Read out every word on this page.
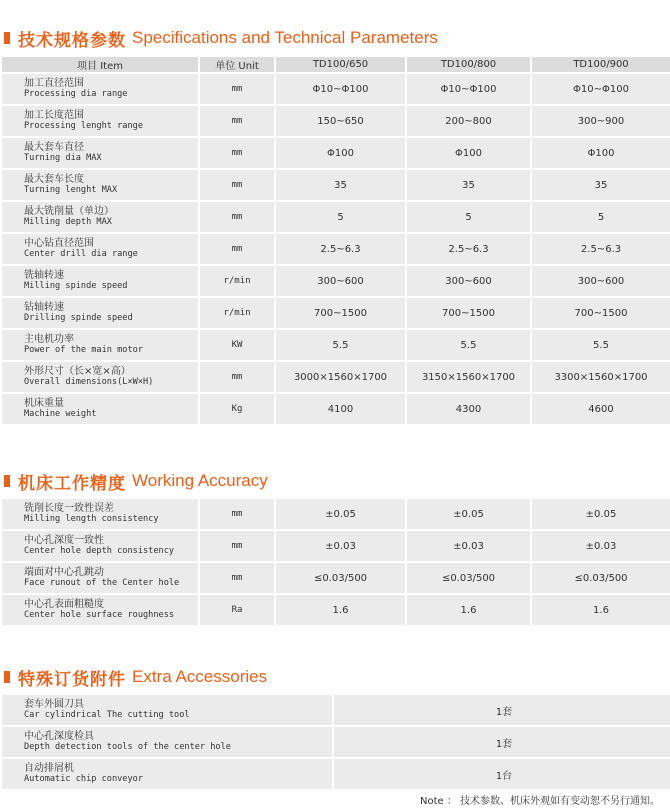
技术规格参数 Specifications and Technical Parameters
项目 Item	单位 Unit	TD100/650	TD100/800	TD100/900

加工直径范围
Processing dia range	mm	Φ10~Φ100	Φ10~Φ100	Φ10~Φ100

加工长度范围
Processing lenght range	mm	150~650	200~800	300~900

最大套车直径
Turning dia MAX	mm	Φ100	Φ100	Φ100

最大套车长度
Turning lenght MAX	mm	35	35	35

最大铣削量（单边）
Milling depth MAX	mm	5	5	5

中心钻直径范围
Center drill dia range	mm	2.5~6.3	2.5~6.3	2.5~6.3

铣轴转速
Milling spinde speed	r/min	300~600	300~600	300~600

钻轴转速
Drilling spinde speed	r/min	700~1500	700~1500	700~1500

主电机功率
Power of the main motor	KW	5.5	5.5	5.5

外形尺寸（长×宽×高）
Overall dimensions(L×W×H)	mm	3000×1560×1700	3150×1560×1700	3300×1560×1700

机床重量
Machine weight	Kg	4100	4300	4600
机床工作精度 Working Accuracy
铣削长度一致性误差
Milling length consistency	mm	±0.05	±0.05	±0.05

中心孔深度一致性
Center hole depth consistency	mm	±0.03	±0.03	±0.03

端面对中心孔跳动
Face runout of the Center hole	mm	≤0.03/500	≤0.03/500	≤0.03/500

中心孔表面粗糙度
Center hole surface roughness	Ra	1.6	1.6	1.6
特殊订货附件 Extra Accessories
套车外圆刀具
Car cylindrical The cutting tool	1套

中心孔深度检具
Depth detection tools of the center hole	1套

自动排屑机
Automatic chip conveyor	1台
Note ： 技术参数、机床外观如有变动恕不另行通知。
